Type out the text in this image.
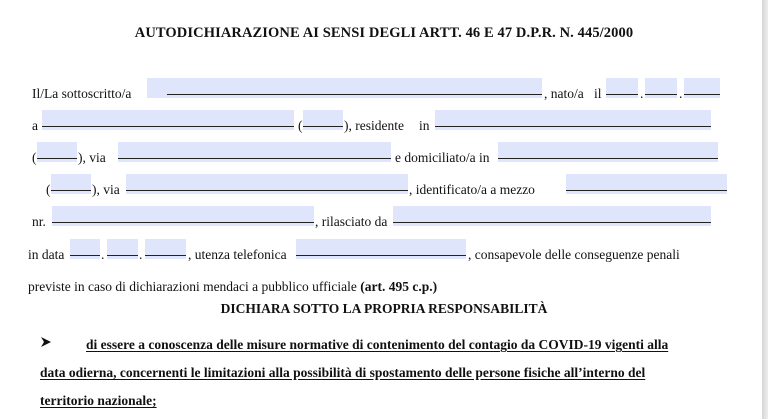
AUTODICHIARAZIONE AI SENSI DEGLI ARTT. 46 E 47 D.P.R. N. 445/2000
Il/La sottoscritto/a	, nato/a il	.	.
a	(	), residente in
(	), via	e domiciliato/a in
(	), via	, identificato/a a mezzo
nr.	, rilasciato da
in data	.	.	, utenza telefonica	, consapevole delle conseguenze penali
previste in caso di dichiarazioni mendaci a pubblico ufficiale (art. 495 c.p.)
DICHIARA SOTTO LA PROPRIA RESPONSABILITÀ
di essere a conoscenza delle misure normative di contenimento del contagio da COVID-19 vigenti alla
data odierna, concernenti le limitazioni alla possibilità di spostamento delle persone fisiche all’interno del
territorio nazionale;
